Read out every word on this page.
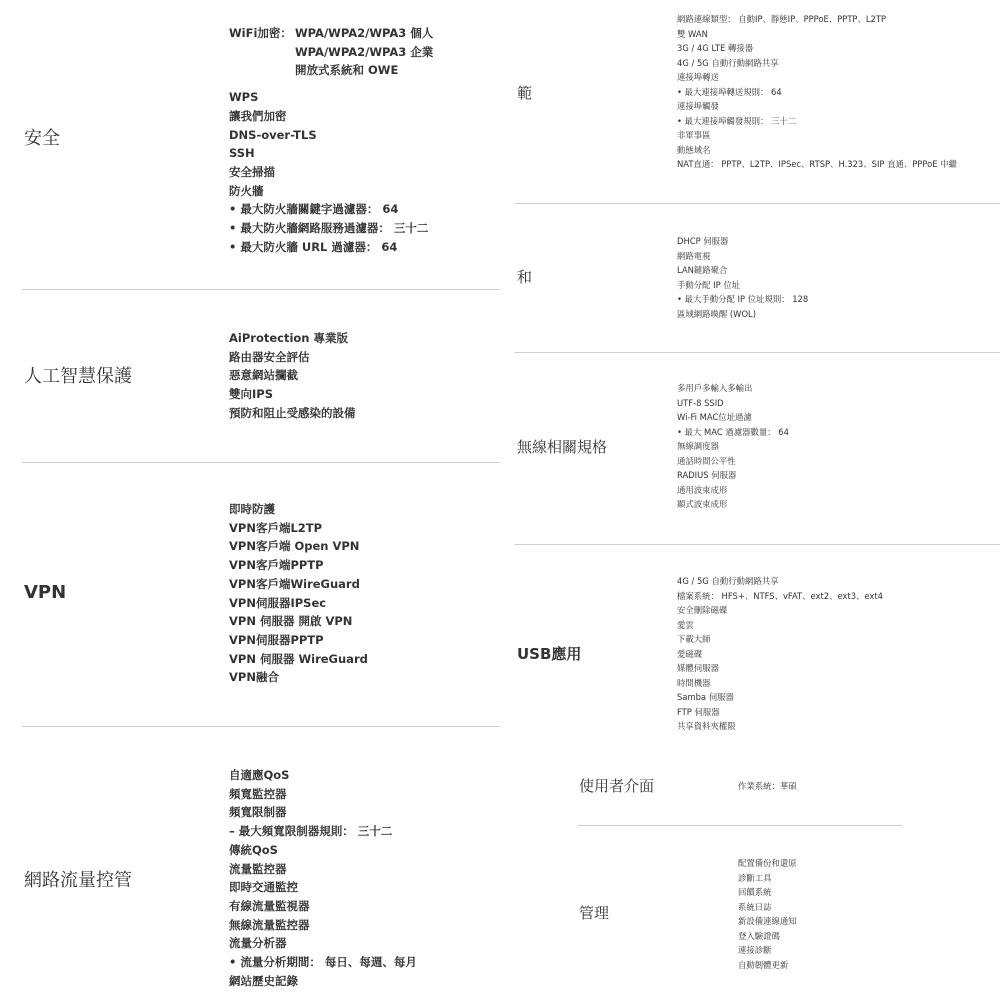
安全
WiFi加密： WPA/WPA2/WPA3 個人
WPA/WPA2/WPA3 企業
開放式系統和 OWE
WPS
讓我們加密
DNS-over-TLS
SSH
安全掃描
防火牆
• 最大防火牆關鍵字過濾器： 64
• 最大防火牆網路服務過濾器： 三十二
• 最大防火牆 URL 過濾器： 64
人工智慧保護
AiProtection 專業版
路由器安全評估
惡意網站攔截
雙向IPS
預防和阻止受感染的設備
VPN
即時防護
VPN客戶端L2TP
VPN客戶端 Open VPN
VPN客戶端PPTP
VPN客戶端WireGuard
VPN伺服器IPSec
VPN 伺服器 開啟 VPN
VPN伺服器PPTP
VPN 伺服器 WireGuard
VPN融合
網路流量控管
自適應QoS
頻寬監控器
頻寬限制器
– 最大頻寬限制器規則： 三十二
傳統QoS
流量監控器
即時交通監控
有線流量監視器
無線流量監控器
流量分析器
• 流量分析期間： 每日、每週、每月
網站歷史記錄
範
網路連線類型： 自動IP、靜態IP、PPPoE、PPTP、L2TP
雙 WAN
3G / 4G LTE 轉接器
4G / 5G 自動行動網路共享
連接埠轉送
• 最大連接埠轉送規則： 64
連接埠觸發
• 最大連接埠觸發規則： 三十二
非軍事區
動態域名
NAT直通： PPTP、L2TP、IPSec、RTSP、H.323、SIP 直通、PPPoE 中繼
和
DHCP 伺服器
網路電視
LAN鏈路聚合
手動分配 IP 位址
• 最大手動分配 IP 位址規則： 128
區域網路喚醒 (WOL)
無線相關規格
多用戶多輸入多輸出
UTF-8 SSID
Wi-Fi MAC位址過濾
• 最大 MAC 過濾器數量： 64
無線調度器
通話時間公平性
RADIUS 伺服器
通用波束成形
顯式波束成形
USB應用
4G / 5G 自動行動網路共享
檔案系統： HFS+、NTFS、vFAT、ext2、ext3、ext4
安全刪除磁碟
愛雲
下載大師
愛磁碟
媒體伺服器
時間機器
Samba 伺服器
FTP 伺服器
共享資料夾權限
使用者介面	作業系統：華碩
管理
配置備份和還原
診斷工具
回饋系統
系統日誌
新設備連線通知
登入驗證碼
連接診斷
自動韌體更新
